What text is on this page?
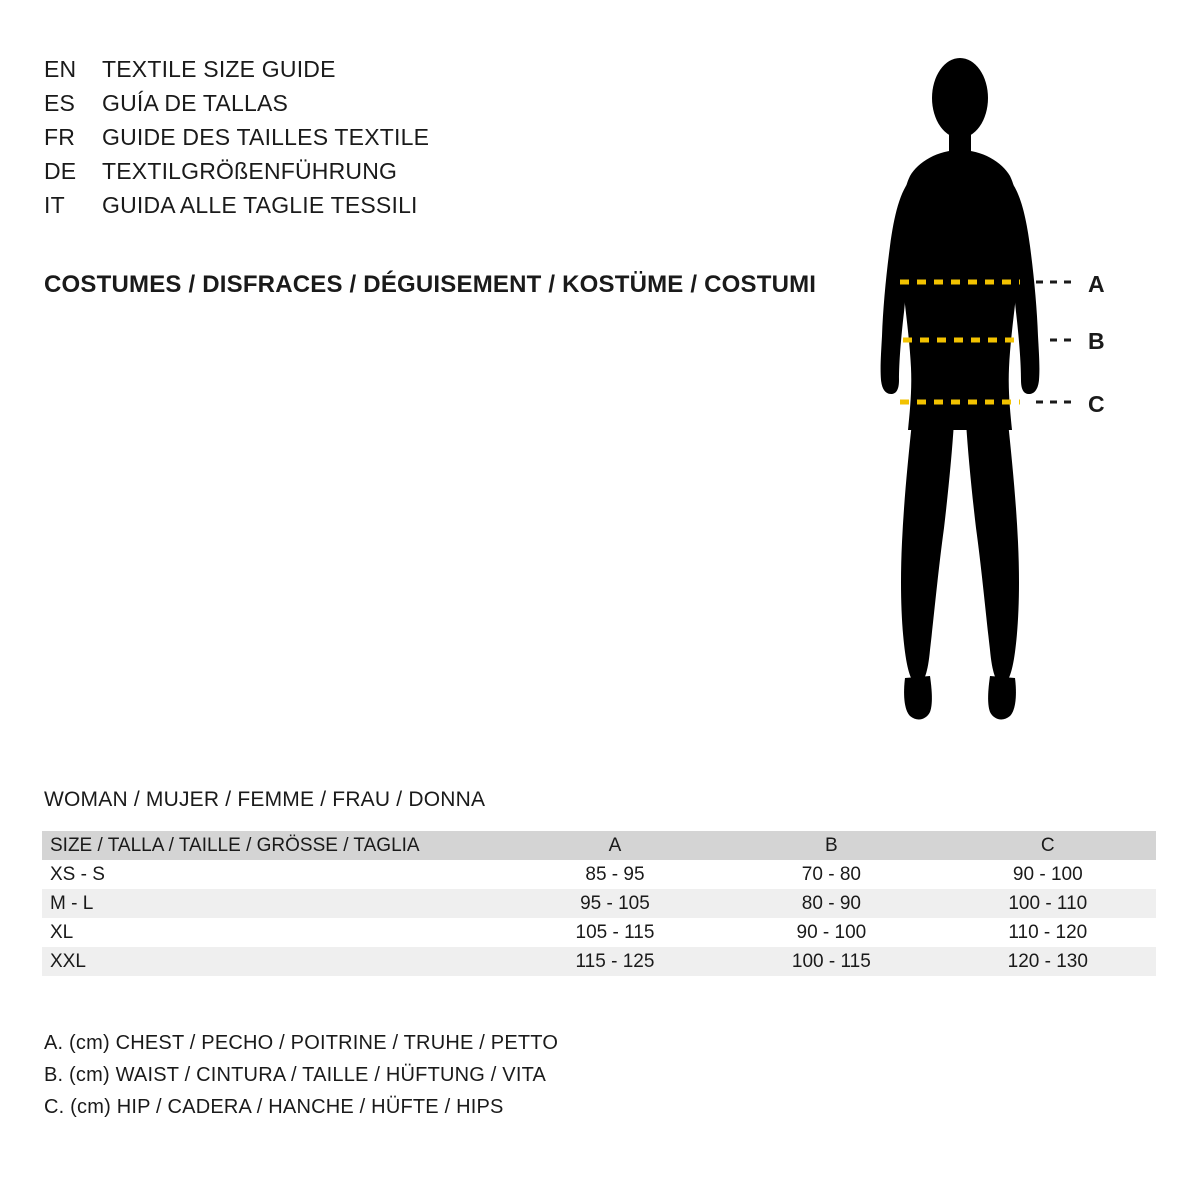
EN	TEXTILE SIZE GUIDE
ES	GUÍA DE TALLAS
FR	GUIDE DES TAILLES TEXTILE
DE	TEXTILGRÖßENFÜHRUNG
IT	GUIDA ALLE TAGLIE TESSILI
COSTUMES / DISFRACES / DÉGUISEMENT / KOSTÜME / COSTUMI	A
B
C
WOMAN / MUJER / FEMME / FRAU / DONNA
SIZE / TALLA / TAILLE / GRÖSSE / TAGLIA	A	B	C
XS - S	85 - 95	70 - 80	90 - 100
M - L	95 - 105	80 - 90	100 - 110
XL	105 - 115	90 - 100	110 - 120
XXL	115 - 125	100 - 115	120 - 130
A. (cm) CHEST / PECHO / POITRINE / TRUHE / PETTO
B. (cm) WAIST / CINTURA / TAILLE / HÜFTUNG / VITA
C. (cm) HIP / CADERA / HANCHE / HÜFTE / HIPS
